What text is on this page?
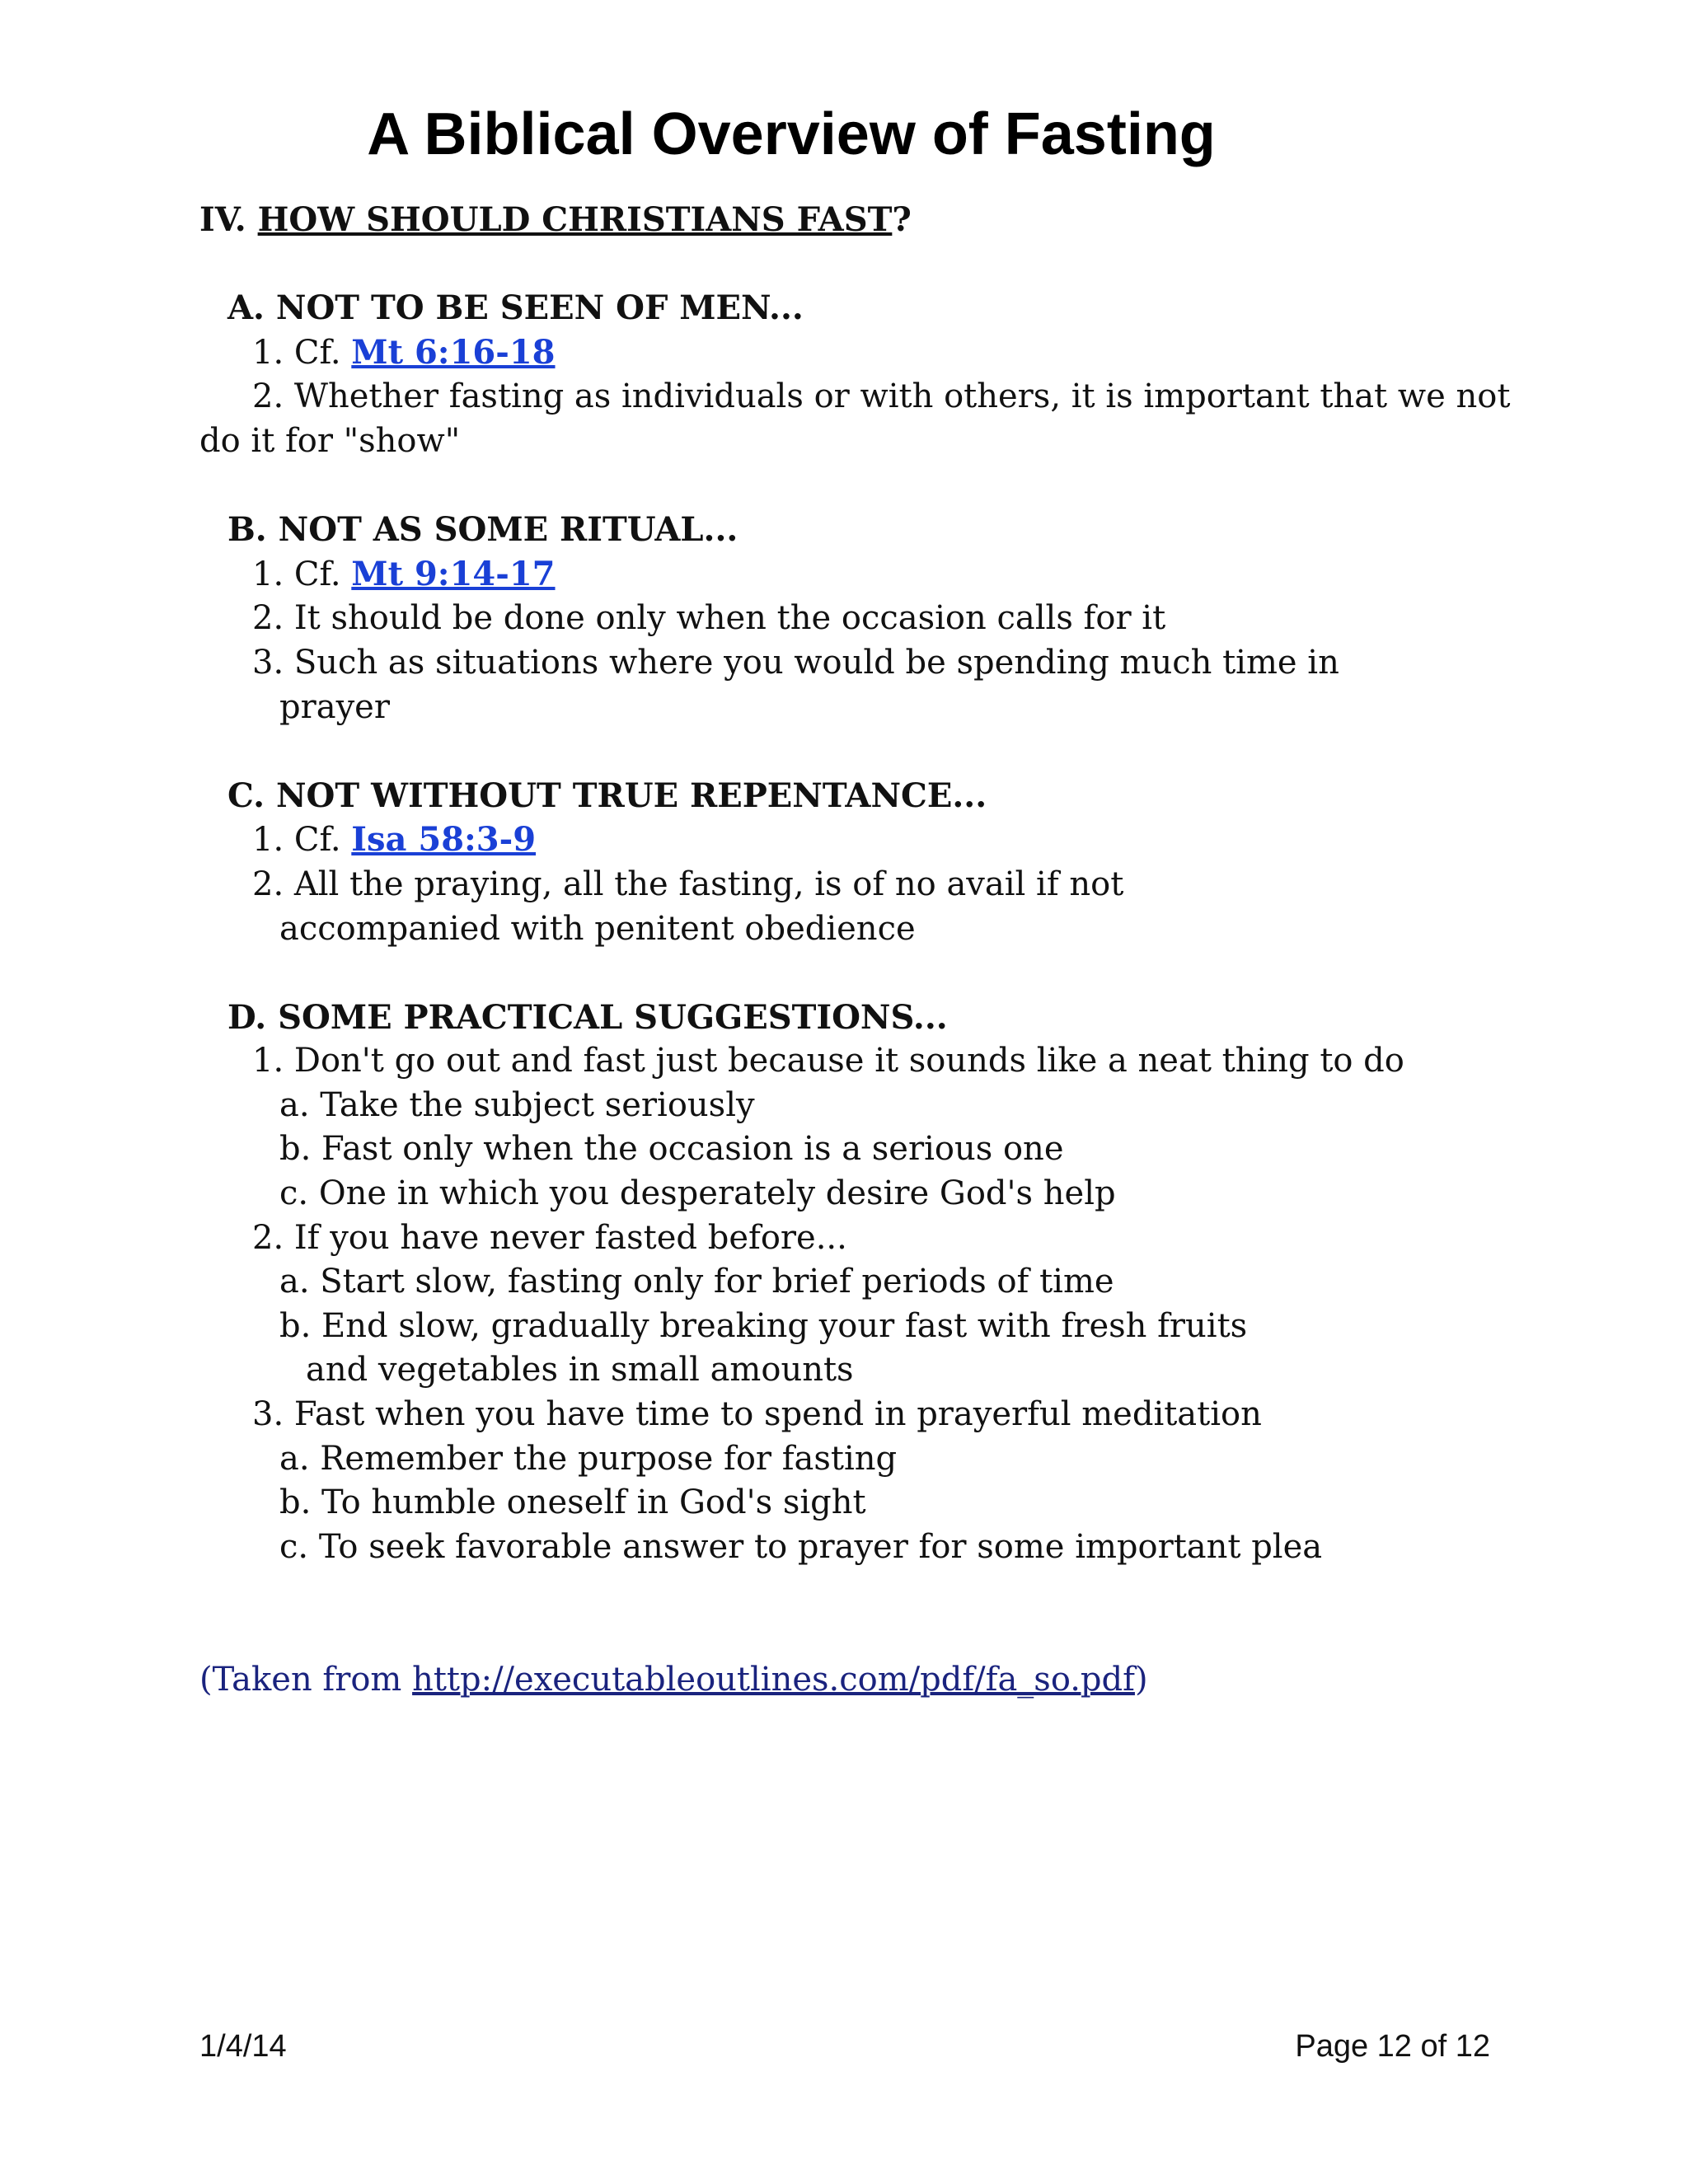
A Biblical Overview of Fasting
IV. HOW SHOULD CHRISTIANS FAST?
A. NOT TO BE SEEN OF MEN...
1. Cf. Mt 6:16-18
2. Whether fasting as individuals or with others, it is important that we not
do it for "show"
B. NOT AS SOME RITUAL...
1. Cf. Mt 9:14-17
2. It should be done only when the occasion calls for it
3. Such as situations where you would be spending much time in
prayer
C. NOT WITHOUT TRUE REPENTANCE...
1. Cf. Isa 58:3-9
2. All the praying, all the fasting, is of no avail if not
accompanied with penitent obedience
D. SOME PRACTICAL SUGGESTIONS...
1. Don't go out and fast just because it sounds like a neat thing to do
a. Take the subject seriously
b. Fast only when the occasion is a serious one
c. One in which you desperately desire God's help
2. If you have never fasted before...
a. Start slow, fasting only for brief periods of time
b. End slow, gradually breaking your fast with fresh fruits
and vegetables in small amounts
3. Fast when you have time to spend in prayerful meditation
a. Remember the purpose for fasting
b. To humble oneself in God's sight
c. To seek favorable answer to prayer for some important plea
(Taken from http://executableoutlines.com/pdf/fa_so.pdf)
1/4/14	Page 12 of 12
